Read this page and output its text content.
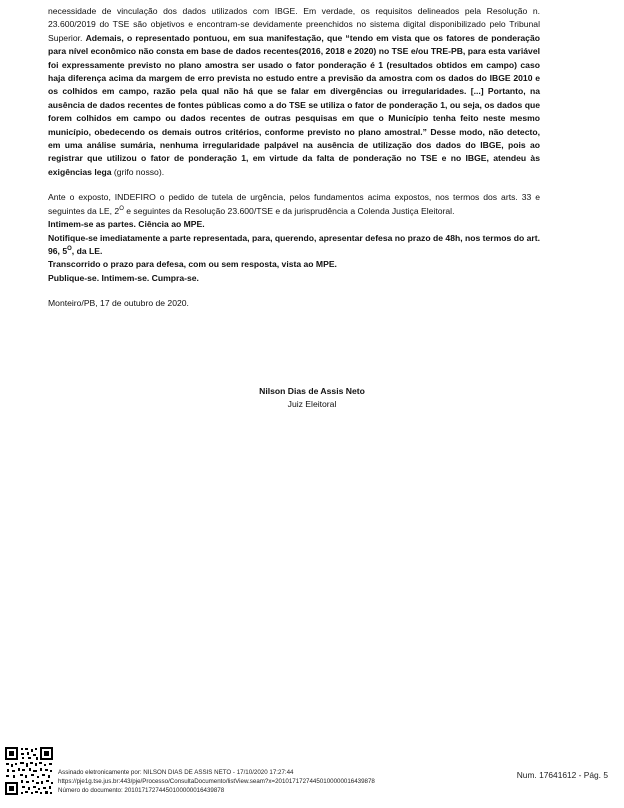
necessidade de vinculação dos dados utilizados com IBGE. Em verdade, os requisitos delineados pela Resolução n. 23.600/2019 do TSE são objetivos e encontram-se devidamente preenchidos no sistema digital disponibilizado pelo Tribunal Superior. Ademais, o representado pontuou, em sua manifestação, que “tendo em vista que os fatores de ponderação para nível econômico não consta em base de dados recentes(2016, 2018 e 2020) no TSE e/ou TRE-PB, para esta variável foi expressamente previsto no plano amostra ser usado o fator ponderação é 1 (resultados obtidos em campo) caso haja diferença acima da margem de erro prevista no estudo entre a previsão da amostra com os dados do IBGE 2010 e os colhidos em campo, razão pela qual não há que se falar em divergências ou irregularidades. [...] Portanto, na ausência de dados recentes de fontes públicas como a do TSE se utiliza o fator de ponderação 1, ou seja, os dados que forem colhidos em campo ou dados recentes de outras pesquisas em que o Município tenha feito neste mesmo município, obedecendo os demais outros critérios, conforme previsto no plano amostral.” Desse modo, não detecto, em uma análise sumária, nenhuma irregularidade palpável na ausência de utilização dos dados do IBGE, pois ao registrar que utilizou o fator de ponderação 1, em virtude da falta de ponderação no TSE e no IBGE, atendeu às exigências lega (grifo nosso).

Ante o exposto, INDEFIRO o pedido de tutela de urgência, pelos fundamentos acima expostos, nos termos dos arts. 33 e seguintes da LE, $2^O$ e seguintes da Resolução 23.600/TSE e da jurisprudência a Colenda Justiça Eleitoral.

Intimem-se as partes. Ciência ao MPE.

Notifique-se imediatamente a parte representada, para, querendo, apresentar defesa no prazo de 48h, nos termos do art. 96, $5^O$, da LE.

Transcorrido o prazo para defesa, com ou sem resposta, vista ao MPE.

Publique-se. Intimem-se. Cumpra-se.

Monteiro/PB, 17 de outubro de 2020.

Nilson Dias de Assis Neto
Juiz Eleitoral
Assinado eletronicamente por: NILSON DIAS DE ASSIS NETO - 17/10/2020 17:27:44
https://pje1g.tse.jus.br:443/pje/Processo/ConsultaDocumento/listView.seam?x=20101717274450100000016439878
Número do documento: 20101717274450100000016439878
Num. 17641612 - Pág. 5
